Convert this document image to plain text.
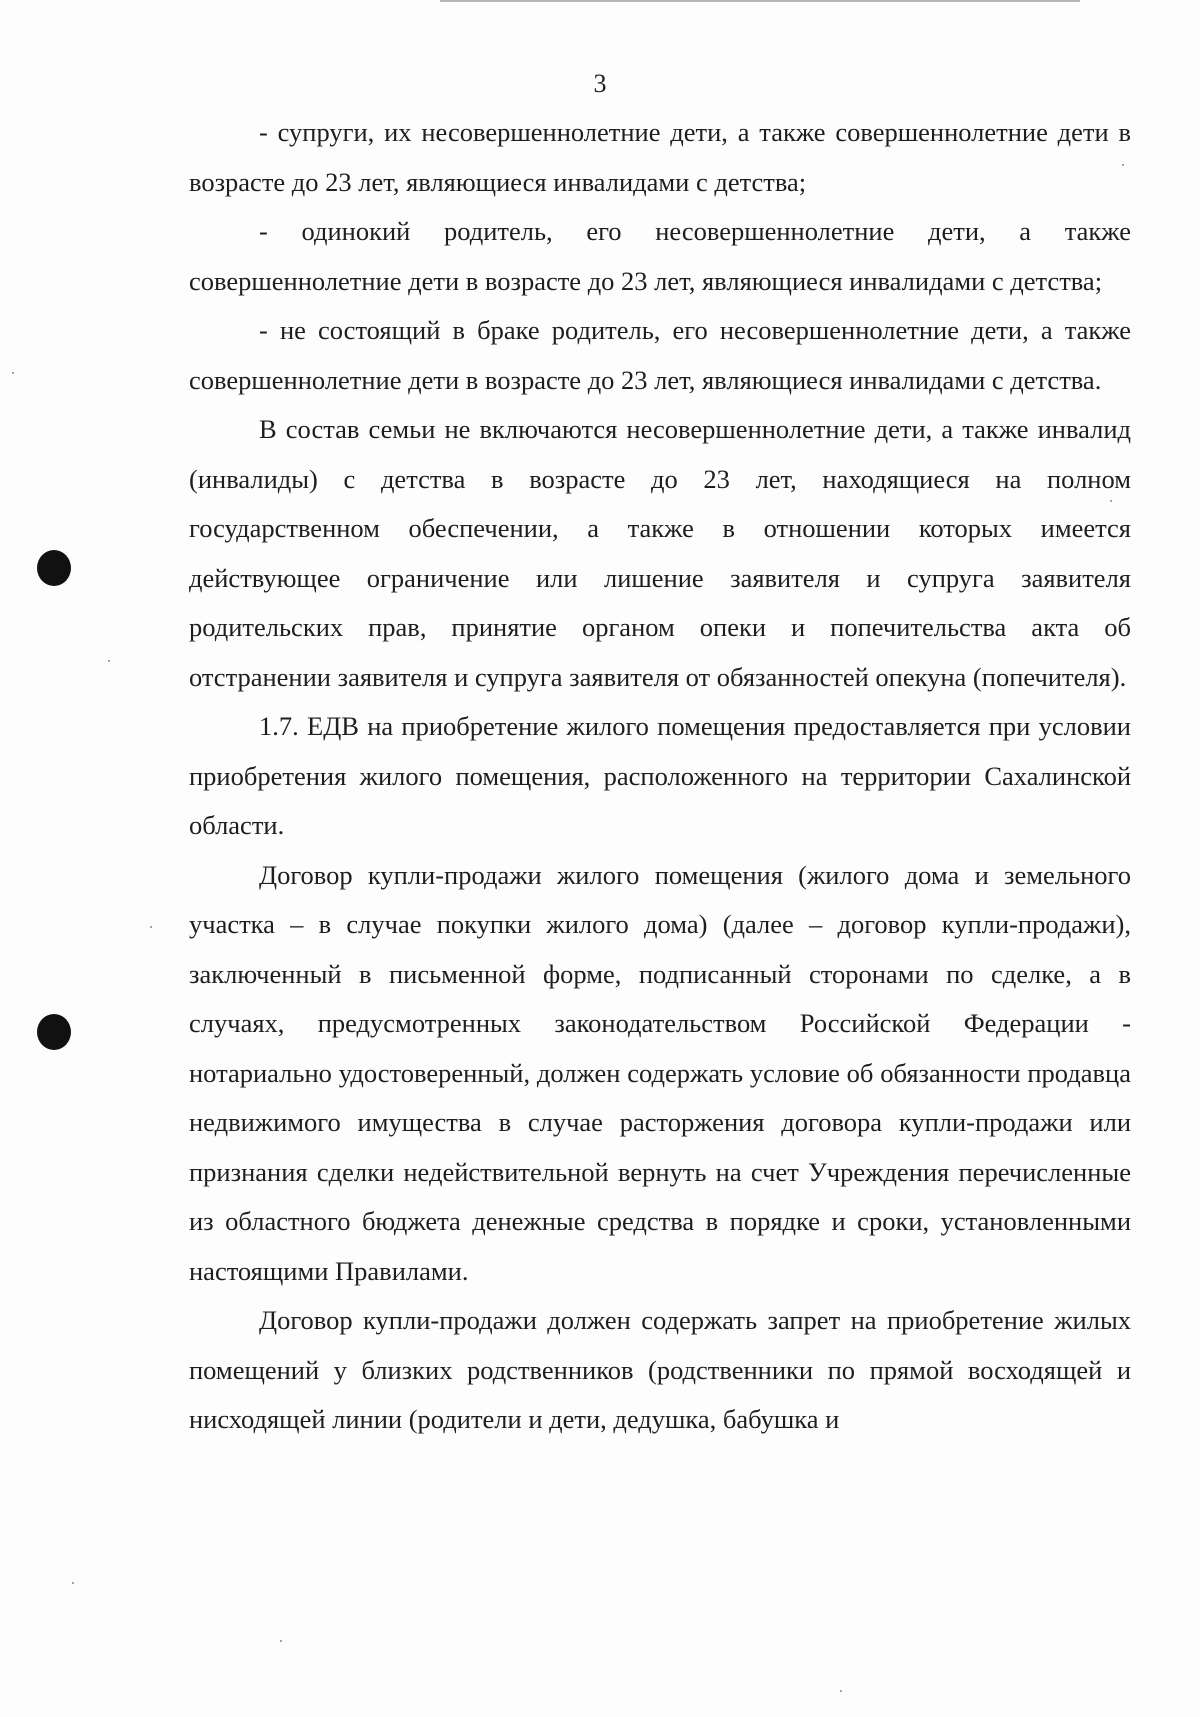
3

- супруги, их несовершеннолетние дети, а также совершеннолетние дети в возрасте до 23 лет, являющиеся инвалидами с детства;

- одинокий родитель, его несовершеннолетние дети, а также совершеннолетние дети в возрасте до 23 лет, являющиеся инвалидами с детства;

- не состоящий в браке родитель, его несовершеннолетние дети, а также совершеннолетние дети в возрасте до 23 лет, являющиеся инвалидами с детства.

В состав семьи не включаются несовершеннолетние дети, а также инвалид (инвалиды) с детства в возрасте до 23 лет, находящиеся на полном государственном обеспечении, а также в отношении которых имеется действующее ограничение или лишение заявителя и супруга заявителя родительских прав, принятие органом опеки и попечительства акта об отстранении заявителя и супруга заявителя от обязанностей опекуна (попечителя).

1.7. ЕДВ на приобретение жилого помещения предоставляется при условии приобретения жилого помещения, расположенного на территории Сахалинской области.

Договор купли-продажи жилого помещения (жилого дома и земельного участка – в случае покупки жилого дома) (далее – договор купли-продажи), заключенный в письменной форме, подписанный сторонами по сделке, а в случаях, предусмотренных законодательством Российской Федерации - нотариально удостоверенный, должен содержать условие об обязанности продавца недвижимого имущества в случае расторжения договора купли-продажи или признания сделки недействительной вернуть на счет Учреждения перечисленные из областного бюджета денежные средства в порядке и сроки, установленными настоящими Правилами.

Договор купли-продажи должен содержать запрет на приобретение жилых помещений у близких родственников (родственники по прямой восходящей и нисходящей линии (родители и дети, дедушка, бабушка и
